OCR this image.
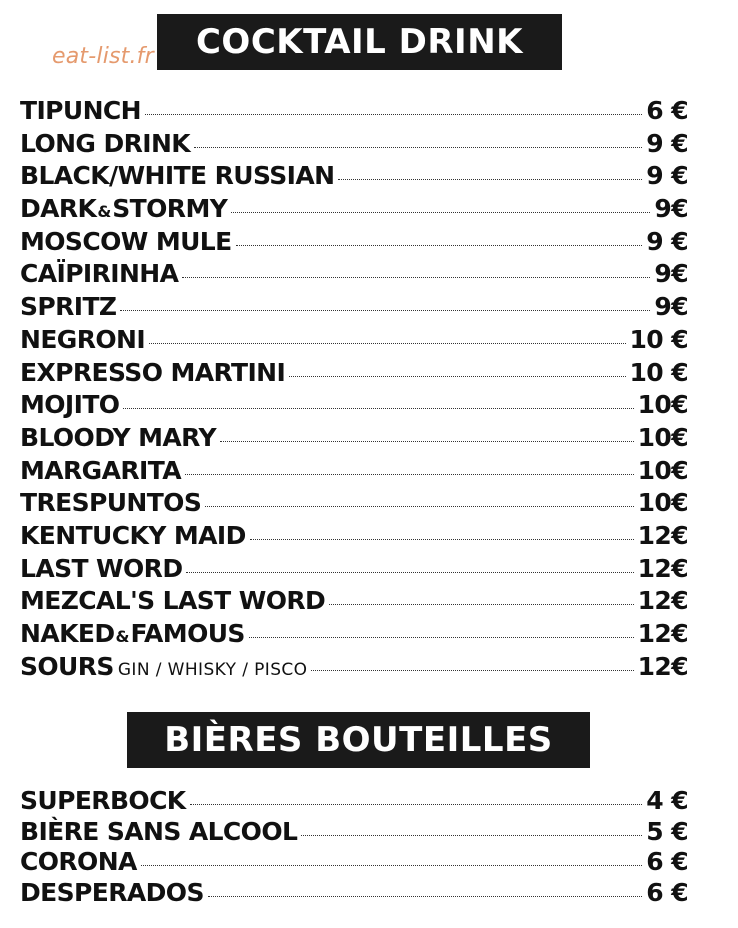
eat-list.fr	COCKTAIL DRINK
TIPUNCH	6 €
LONG DRINK	9 €
BLACK/WHITE RUSSIAN	9 €
DARK&STORMY	9€
MOSCOW MULE	9 €
CAÏPIRINHA	9€
SPRITZ	9€
NEGRONI	10 €
EXPRESSO MARTINI	10 €
MOJITO	10€
BLOODY MARY	10€
MARGARITA	10€
TRESPUNTOS	10€
KENTUCKY MAID	12€
LAST WORD	12€
MEZCAL'S LAST WORD	12€
NAKED&FAMOUS	12€
SOURS GIN / WHISKY / PISCO	12€
BIÈRES BOUTEILLES
SUPERBOCK	4 €
BIÈRE SANS ALCOOL	5 €
CORONA	6 €
DESPERADOS	6 €
